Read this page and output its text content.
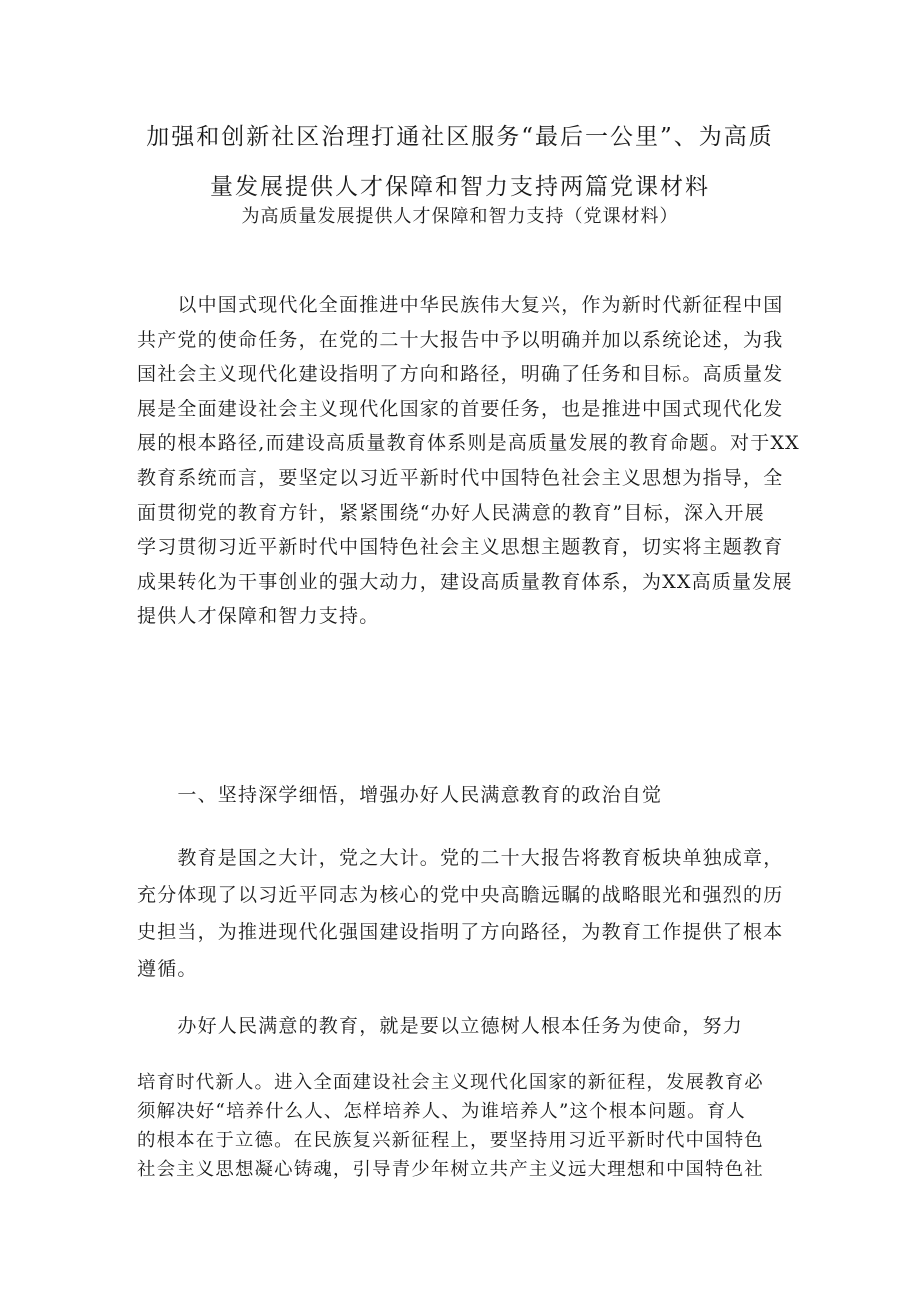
加强和创新社区治理打通社区服务“最后一公里”、为高质
量发展提供人才保障和智力支持两篇党课材料
为高质量发展提供人才保障和智力支持（党课材料）
　　以中国式现代化全面推进中华民族伟大复兴，作为新时代新征程中国
共产党的使命任务，在党的二十大报告中予以明确并加以系统论述，为我
国社会主义现代化建设指明了方向和路径，明确了任务和目标。高质量发
展是全面建设社会主义现代化国家的首要任务，也是推进中国式现代化发
展的根本路径,而建设高质量教育体系则是高质量发展的教育命题。对于XX
教育系统而言，要坚定以习近平新时代中国特色社会主义思想为指导，全
面贯彻党的教育方针，紧紧围绕“办好人民满意的教育”目标，深入开展
学习贯彻习近平新时代中国特色社会主义思想主题教育，切实将主题教育
成果转化为干事创业的强大动力，建设高质量教育体系，为XX高质量发展
提供人才保障和智力支持。
　　一、坚持深学细悟，增强办好人民满意教育的政治自觉
　　教育是国之大计，党之大计。党的二十大报告将教育板块单独成章，
充分体现了以习近平同志为核心的党中央高瞻远瞩的战略眼光和强烈的历
史担当，为推进现代化强国建设指明了方向路径，为教育工作提供了根本
遵循。
　　办好人民满意的教育，就是要以立德树人根本任务为使命，努力
培育时代新人。进入全面建设社会主义现代化国家的新征程，发展教育必
须解决好“培养什么人、怎样培养人、为谁培养人”这个根本问题。育人
的根本在于立德。在民族复兴新征程上，要坚持用习近平新时代中国特色
社会主义思想凝心铸魂，引导青少年树立共产主义远大理想和中国特色社
